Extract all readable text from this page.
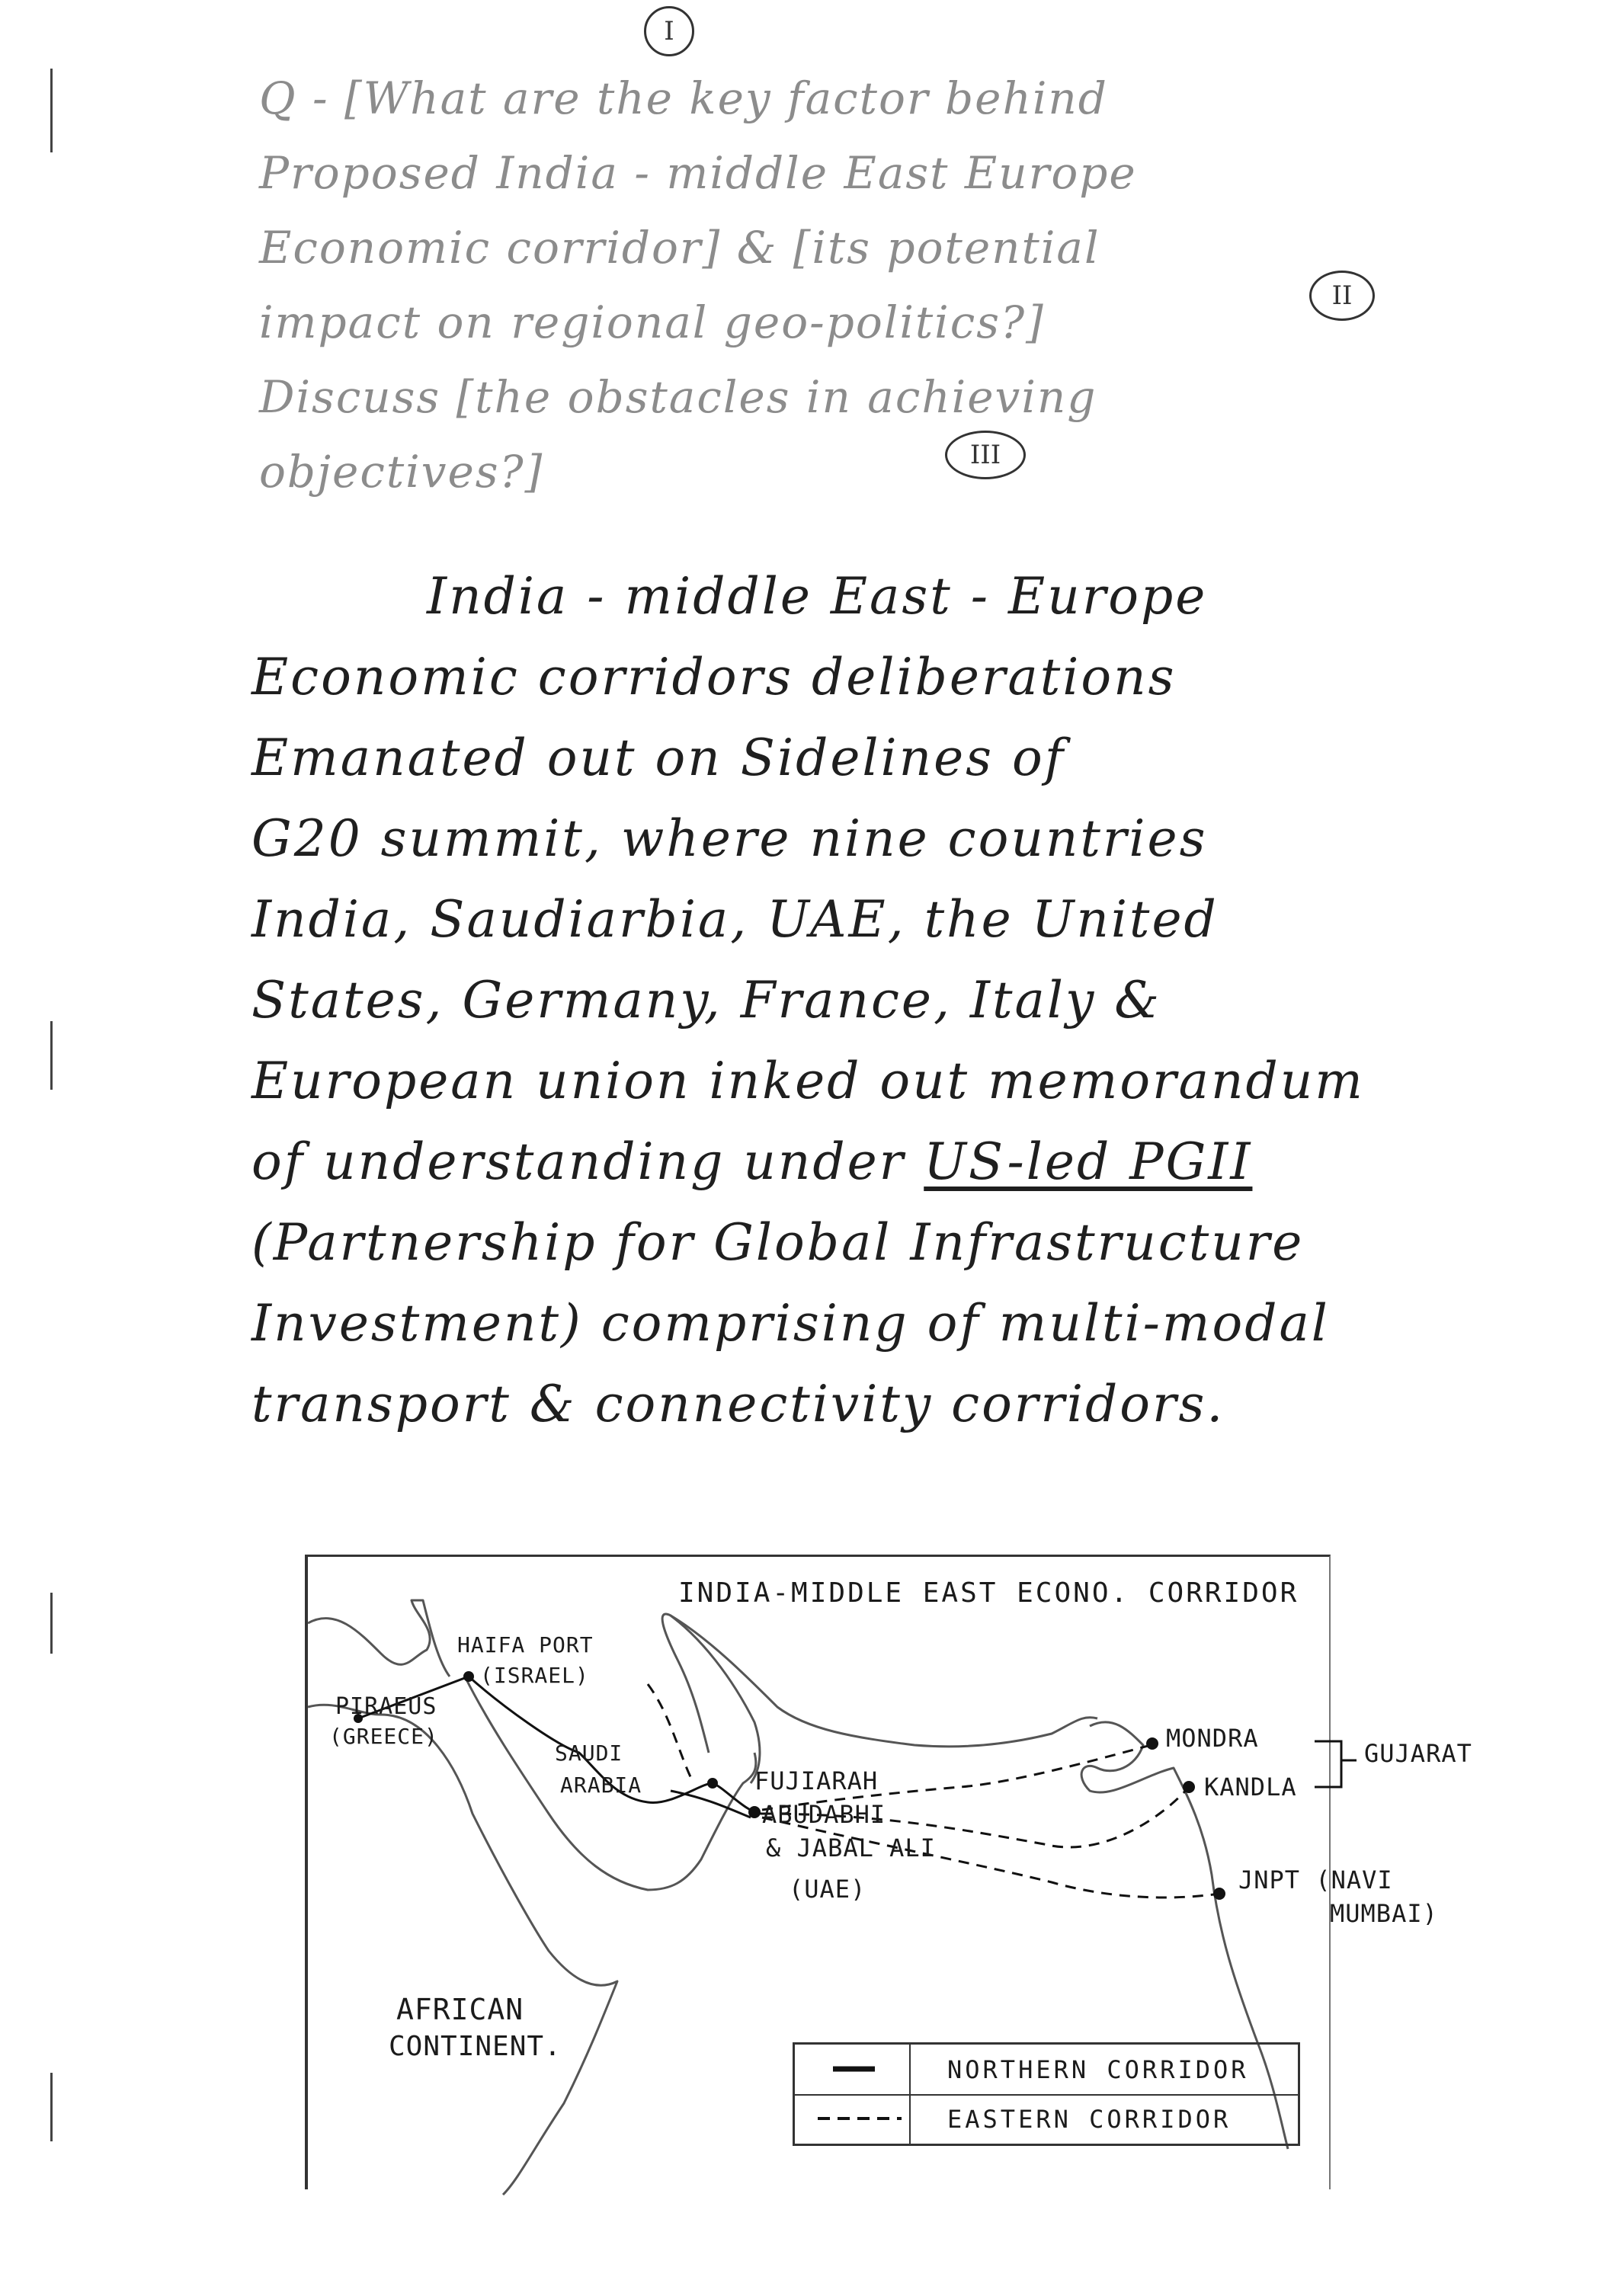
Q - [What are the key factor behind
Proposed India - middle East Europe
Economic corridor] & [its potential
impact on regional geo-politics?]
Discuss [the obstacles in achieving
objectives?]
I
II
III
India - middle East - Europe
Economic corridors deliberations
Emanated out on Sidelines of
G20 summit, where nine countries
India, Saudiarbia, UAE, the United
States, Germany, France, Italy &
European union inked out memorandum
of understanding under US-led PGII
(Partnership for Global Infrastructure
Investment) comprising of multi-modal
transport & connectivity corridors.
INDIA-MIDDLE EAST ECONO. CORRIDOR
HAIFA PORT
(ISRAEL)
PIRAEUS
(GREECE)
SAUDI
ARABIA	FUJIARAH
ABUDABHI
& JABAL ALI
(UAE)
MONDRA
KANDLA
GUJARAT
JNPT (NAVI
MUMBAI)
AFRICAN
CONTINENT.
NORTHERN CORRIDOR
EASTERN CORRIDOR
